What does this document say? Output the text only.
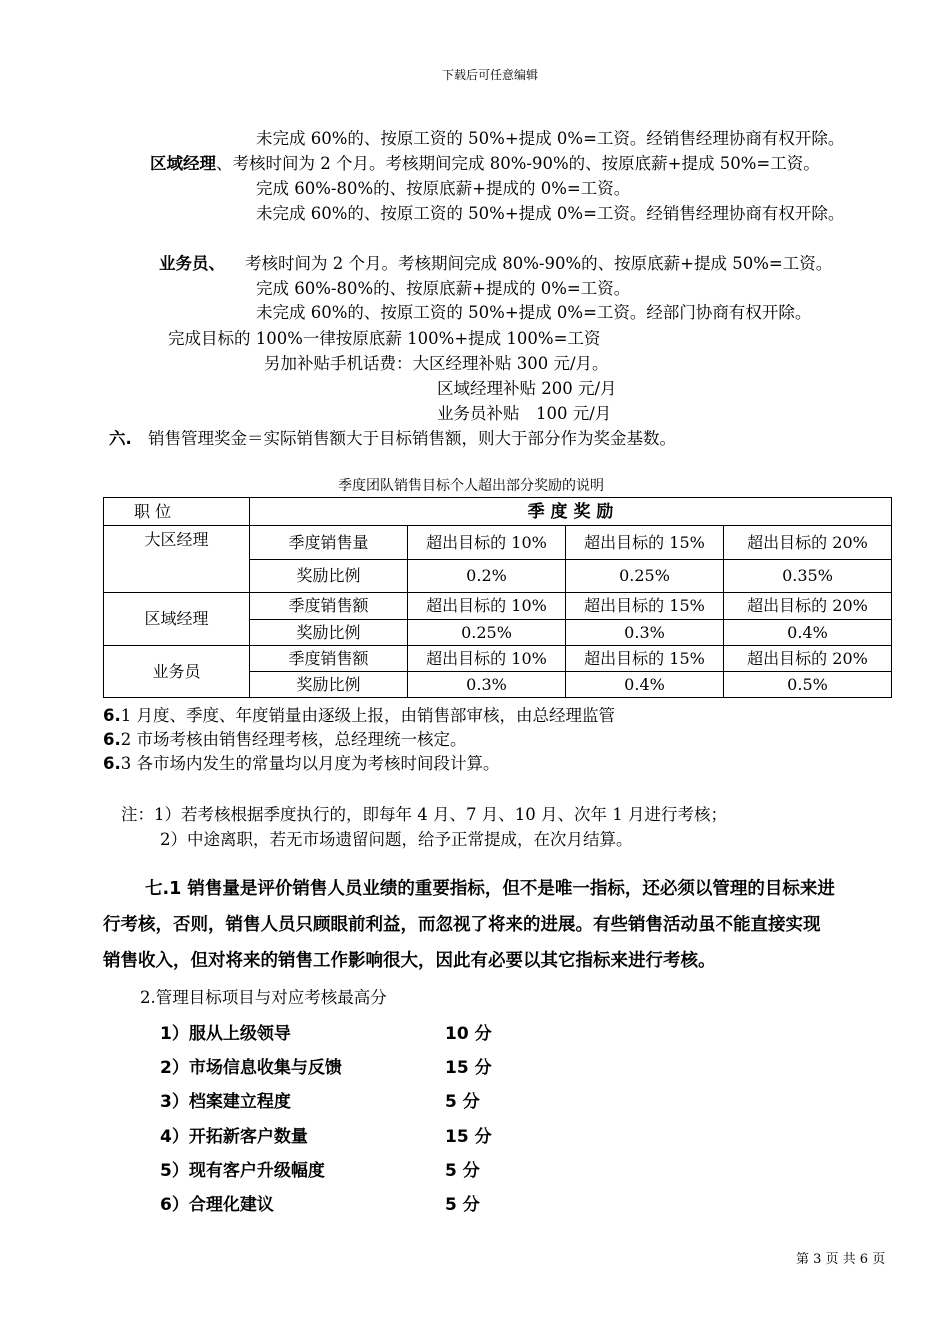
下载后可任意编辑
未完成 60%的、按原工资的 50%+提成 0%=工资。经销售经理协商有权开除。
区域经理、考核时间为 2 个月。考核期间完成 80%-90%的、按原底薪+提成 50%=工资。
完成 60%-80%的、按原底薪+提成的 0%=工资。
未完成 60%的、按原工资的 50%+提成 0%=工资。经销售经理协商有权开除。
业务员、 考核时间为 2 个月。考核期间完成 80%-90%的、按原底薪+提成 50%=工资。
完成 60%-80%的、按原底薪+提成的 0%=工资。
未完成 60%的、按原工资的 50%+提成 0%=工资。经部门协商有权开除。
完成目标的 100%一律按原底薪 100%+提成 100%=工资
另加补贴手机话费：大区经理补贴 300 元/月。
区域经理补贴 200 元/月
业务员补贴　100 元/月
六. 销售管理奖金＝实际销售额大于目标销售额，则大于部分作为奖金基数。
季度团队销售目标个人超出部分奖励的说明
职 位	季 度 奖 励			
大区经理	季度销售量	超出目标的 10%	超出目标的 15%	超出目标的 20%
	奖励比例	0.2%	0.25%	0.35%
区域经理	季度销售额	超出目标的 10%	超出目标的 15%	超出目标的 20%
	奖励比例	0.25%	0.3%	0.4%
业务员	季度销售额	超出目标的 10%	超出目标的 15%	超出目标的 20%
	奖励比例	0.3%	0.4%	0.5%
6.1 月度、季度、年度销量由逐级上报，由销售部审核，由总经理监管
6.2 市场考核由销售经理考核，总经理统一核定。
6.3 各市场内发生的常量均以月度为考核时间段计算。
注：1）若考核根据季度执行的，即每年 4 月、7 月、10 月、次年 1 月进行考核；
2）中途离职，若无市场遗留问题，给予正常提成，在次月结算。
七.1 销售量是评价销售人员业绩的重要指标，但不是唯一指标，还必须以管理的目标来进
行考核，否则，销售人员只顾眼前利益，而忽视了将来的进展。有些销售活动虽不能直接实现
销售收入，但对将来的销售工作影响很大，因此有必要以其它指标来进行考核。
2.管理目标项目与对应考核最高分
1）服从上级领导	10 分
2）市场信息收集与反馈	15 分
3）档案建立程度	5 分
4）开拓新客户数量	15 分
5）现有客户升级幅度	5 分
6）合理化建议	5 分
第 3 页 共 6 页
